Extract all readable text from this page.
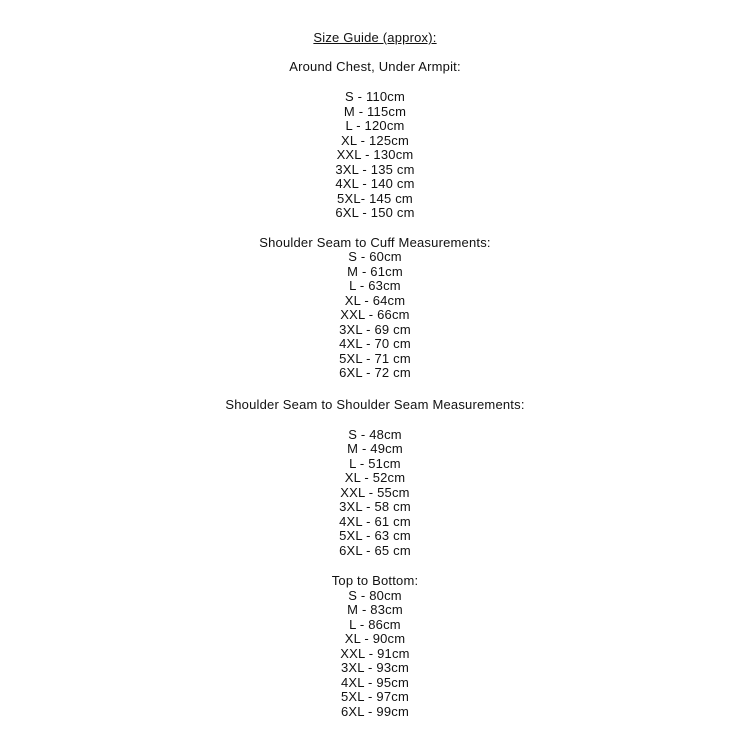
Size Guide (approx):
Around Chest, Under Armpit:
S - 110cm
M - 115cm
L - 120cm
XL - 125cm
XXL - 130cm
3XL - 135 cm
4XL - 140 cm
5XL- 145 cm
6XL - 150 cm
Shoulder Seam to Cuff Measurements:
S - 60cm
M - 61cm
L - 63cm
XL - 64cm
XXL - 66cm
3XL - 69 cm
4XL - 70 cm
5XL - 71 cm
6XL - 72 cm
Shoulder Seam to Shoulder Seam Measurements:
S - 48cm
M - 49cm
L - 51cm
XL - 52cm
XXL - 55cm
3XL - 58 cm
4XL - 61 cm
5XL - 63 cm
6XL - 65 cm
Top to Bottom:
S - 80cm
M - 83cm
L - 86cm
XL - 90cm
XXL - 91cm
3XL - 93cm
4XL - 95cm
5XL - 97cm
6XL - 99cm
